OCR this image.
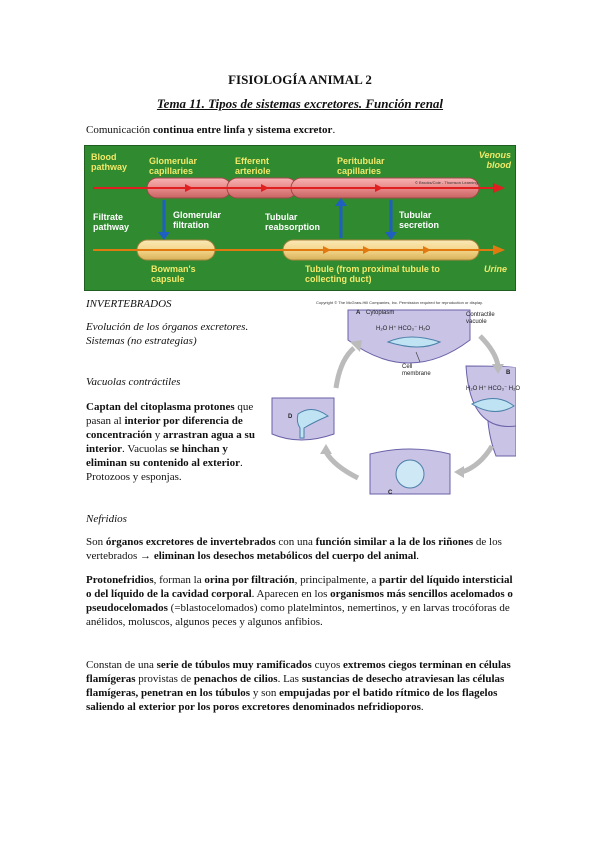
FISIOLOGÍA ANIMAL 2
Tema 11. Tipos de sistemas excretores. Función renal
Comunicación continua entre linfa y sistema excretor.
Blood pathway
Glomerular capillaries
Efferent arteriole
Peritubular capillaries
Venous blood
© Brooks/Cole - Thomson Learning
Filtrate pathway
Glomerular filtration
Tubular reabsorption
Tubular secretion
Bowman's capsule
Tubule (from proximal tubule to collecting duct)
Urine
INVERTEBRADOS
Evolución de los órganos excretores. Sistemas (no estrategias)
Vacuolas contráctiles
Captan del citoplasma protones que pasan al interior por diferencia de concentración y arrastran agua a su interior. Vacuolas se hinchan y eliminan su contenido al exterior. Protozoos y esponjas.
Nefridios
Copyright © The McGraw-Hill Companies, Inc. Permission required for reproduction or display.
A Cytoplasm	Contractile vacuole
H₂O H⁺ HCO₃⁻ H₂O
Cell membrane	B
H₂O H⁺ HCO₃⁻ H₂O
C
D
Son órganos excretores de invertebrados con una función similar a la de los riñones de los vertebrados → eliminan los desechos metabólicos del cuerpo del animal.
Protonefridios, forman la orina por filtración, principalmente, a partir del líquido intersticial o del líquido de la cavidad corporal. Aparecen en los organismos más sencillos acelomados o pseudocelomados (=blastocelomados) como platelmintos, nemertinos, y en larvas trocóforas de anélidos, moluscos, algunos peces y algunos anfibios.
Constan de una serie de túbulos muy ramificados cuyos extremos ciegos terminan en células flamígeras provistas de penachos de cilios. Las sustancias de desecho atraviesan las células flamígeras, penetran en los túbulos y son empujadas por el batido rítmico de los flagelos saliendo al exterior por los poros excretores denominados nefridioporos.
